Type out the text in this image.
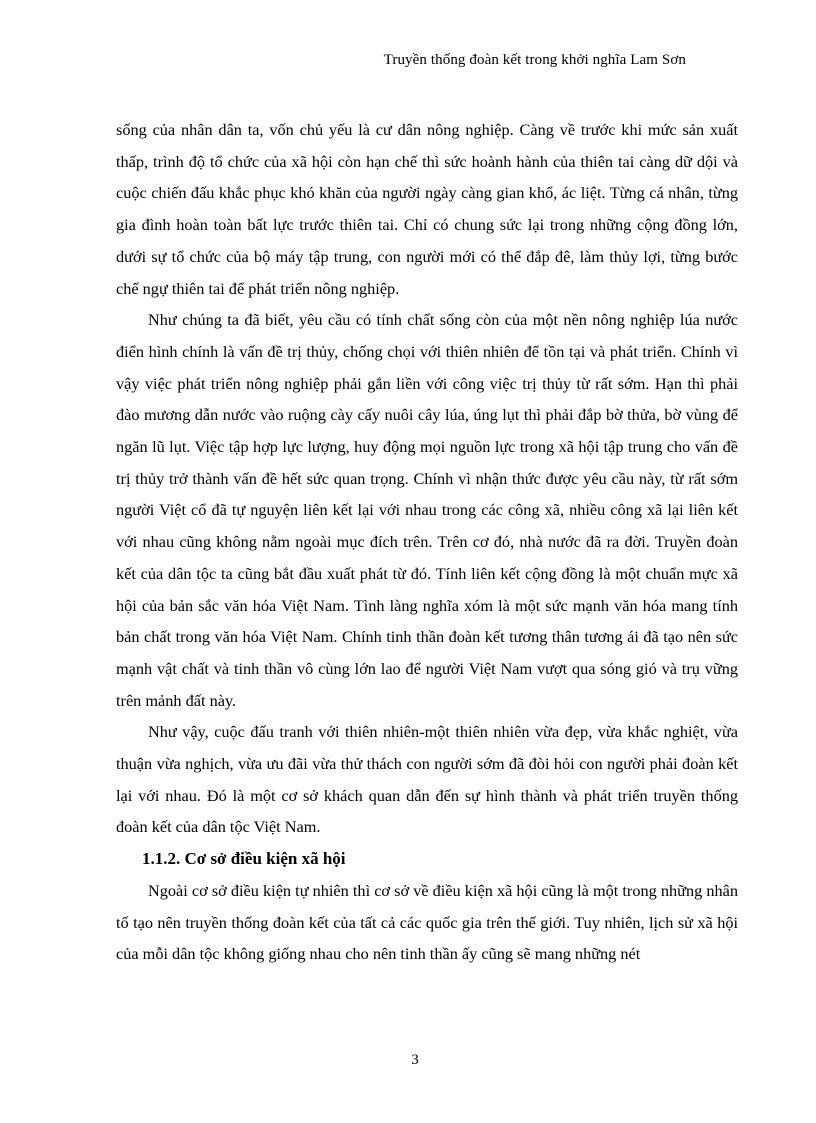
Truyền thống đoàn kết trong khởi nghĩa Lam Sơn

sống của nhân dân ta, vốn chủ yếu là cư dân nông nghiệp. Càng về trước khi mức sản xuất thấp, trình độ tổ chức của xã hội còn hạn chế thì sức hoành hành của thiên tai càng dữ dội và cuộc chiến đấu khắc phục khó khăn của người ngày càng gian khổ, ác liệt. Từng cá nhân, từng gia đình hoàn toàn bất lực trước thiên tai. Chỉ có chung sức lại trong những cộng đồng lớn, dưới sự tổ chức của bộ máy tập trung, con người mới có thể đắp đê, làm thủy lợi, từng bước chế ngự thiên tai để phát triển nông nghiệp.

Như chúng ta đã biết, yêu cầu có tính chất sống còn của một nền nông nghiệp lúa nước điển hình chính là vấn đề trị thủy, chống chọi với thiên nhiên để tồn tại và phát triển. Chính vì vậy việc phát triển nông nghiệp phải gắn liền với công việc trị thủy từ rất sớm. Hạn thì phải đào mương dẫn nước vào ruộng cày cấy nuôi cây lúa, úng lụt thì phải đắp bờ thửa, bờ vùng để ngăn lũ lụt. Việc tập hợp lực lượng, huy động mọi nguồn lực trong xã hội tập trung cho vấn đề trị thủy trở thành vấn đề hết sức quan trọng. Chính vì nhận thức được yêu cầu này, từ rất sớm người Việt cổ đã tự nguyện liên kết lại với nhau trong các công xã, nhiều công xã lại liên kết với nhau cũng không nằm ngoài mục đích trên. Trên cơ đó, nhà nước đã ra đời. Truyền đoàn kết của dân tộc ta cũng bắt đầu xuất phát từ đó. Tính liên kết cộng đồng là một chuẩn mực xã hội của bản sắc văn hóa Việt Nam. Tình làng nghĩa xóm là một sức mạnh văn hóa mang tính bản chất trong văn hóa Việt Nam. Chính tinh thần đoàn kết tương thân tương ái đã tạo nên sức mạnh vật chất và tinh thần vô cùng lớn lao để người Việt Nam vượt qua sóng gió và trụ vững trên mảnh đất này.

Như vậy, cuộc đấu tranh với thiên nhiên-một thiên nhiên vừa đẹp, vừa khắc nghiệt, vừa thuận vừa nghịch, vừa ưu đãi vừa thử thách con người sớm đã đòi hỏi con người phải đoàn kết lại với nhau. Đó là một cơ sở khách quan dẫn đến sự hình thành và phát triển truyền thống đoàn kết của dân tộc Việt Nam.

1.1.2. Cơ sở điều kiện xã hội

Ngoài cơ sở điều kiện tự nhiên thì cơ sở về điều kiện xã hội cũng là một trong những nhân tố tạo nên truyền thống đoàn kết của tất cả các quốc gia trên thế giới. Tuy nhiên, lịch sử xã hội của mỗi dân tộc không giống nhau cho nên tinh thần ấy cũng sẽ mang những nét

3
